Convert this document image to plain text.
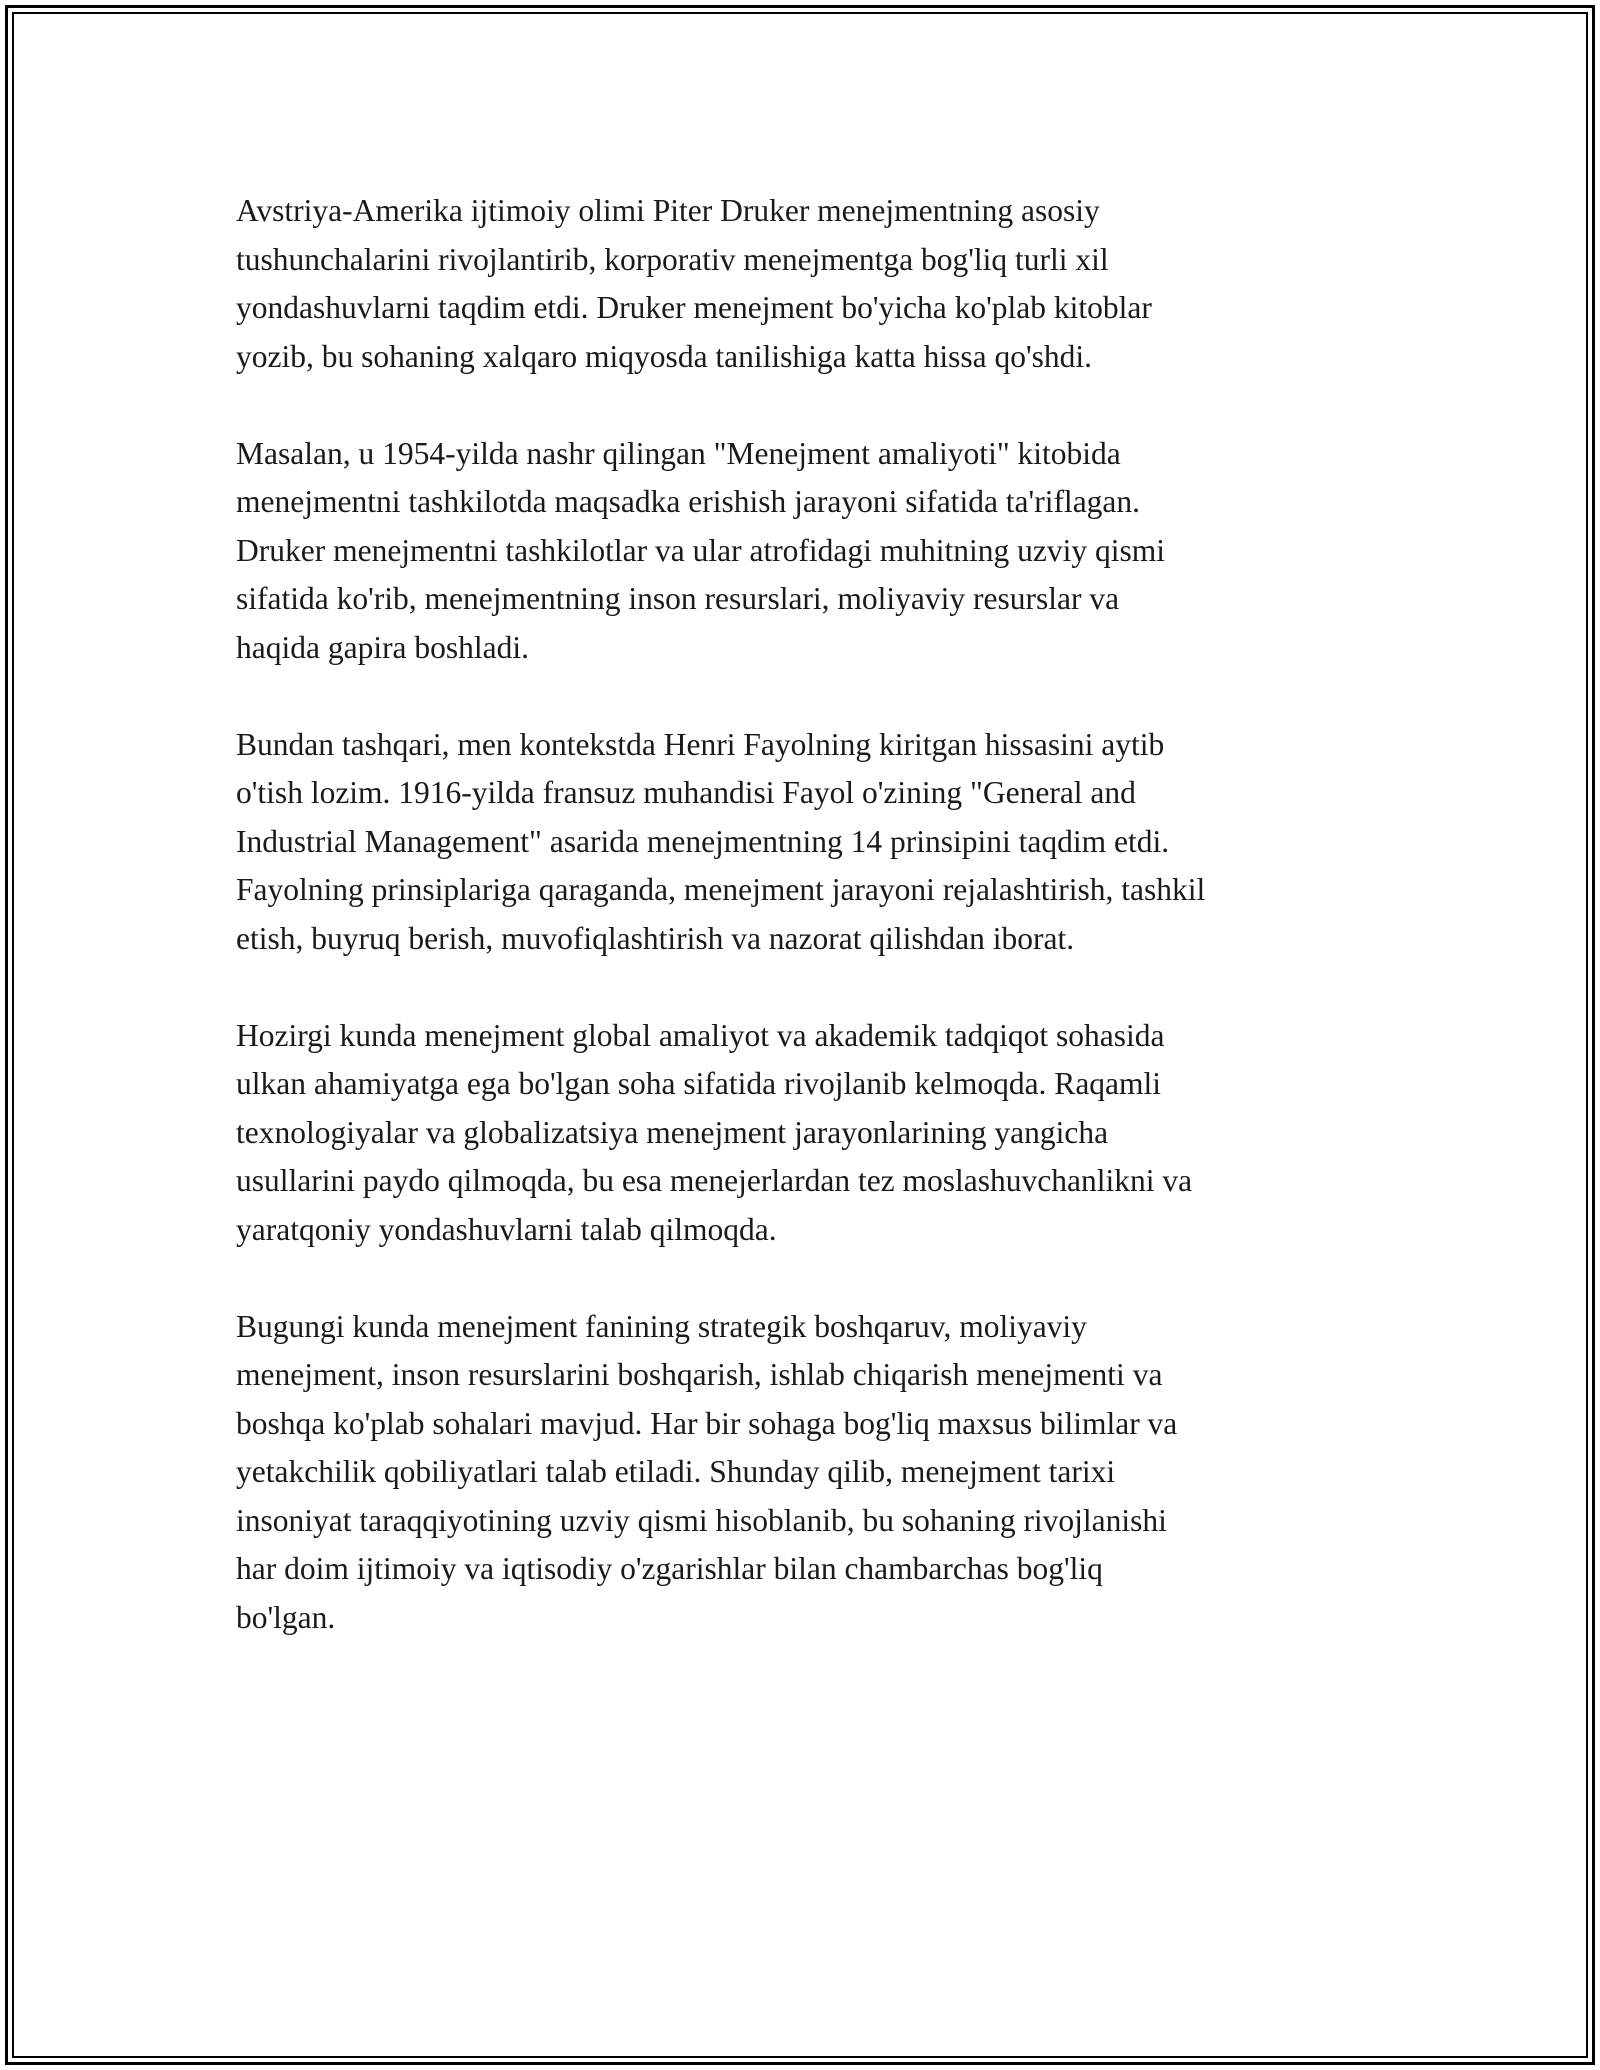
Avstriya-Amerika ijtimoiy olimi Piter Druker menejmentning asosiy
tushunchalarini rivojlantirib, korporativ menejmentga bog'liq turli xil
yondashuvlarni taqdim etdi. Druker menejment bo'yicha ko'plab kitoblar
yozib, bu sohaning xalqaro miqyosda tanilishiga katta hissa qo'shdi.

Masalan, u 1954-yilda nashr qilingan "Menejment amaliyoti" kitobida
menejmentni tashkilotda maqsadka erishish jarayoni sifatida ta'riflagan.
Druker menejmentni tashkilotlar va ular atrofidagi muhitning uzviy qismi
sifatida ko'rib, menejmentning inson resurslari, moliyaviy resurslar va
haqida gapira boshladi.

Bundan tashqari, men kontekstda Henri Fayolning kiritgan hissasini aytib
o'tish lozim. 1916-yilda fransuz muhandisi Fayol o'zining "General and
Industrial Management" asarida menejmentning 14 prinsipini taqdim etdi.
Fayolning prinsiplariga qaraganda, menejment jarayoni rejalashtirish, tashkil
etish, buyruq berish, muvofiqlashtirish va nazorat qilishdan iborat.

Hozirgi kunda menejment global amaliyot va akademik tadqiqot sohasida
ulkan ahamiyatga ega bo'lgan soha sifatida rivojlanib kelmoqda. Raqamli
texnologiyalar va globalizatsiya menejment jarayonlarining yangicha
usullarini paydo qilmoqda, bu esa menejerlardan tez moslashuvchanlikni va
yaratqoniy yondashuvlarni talab qilmoqda.

Bugungi kunda menejment fanining strategik boshqaruv, moliyaviy
menejment, inson resurslarini boshqarish, ishlab chiqarish menejmenti va
boshqa ko'plab sohalari mavjud. Har bir sohaga bog'liq maxsus bilimlar va
yetakchilik qobiliyatlari talab etiladi. Shunday qilib, menejment tarixi
insoniyat taraqqiyotining uzviy qismi hisoblanib, bu sohaning rivojlanishi
har doim ijtimoiy va iqtisodiy o'zgarishlar bilan chambarchas bog'liq
bo'lgan.
